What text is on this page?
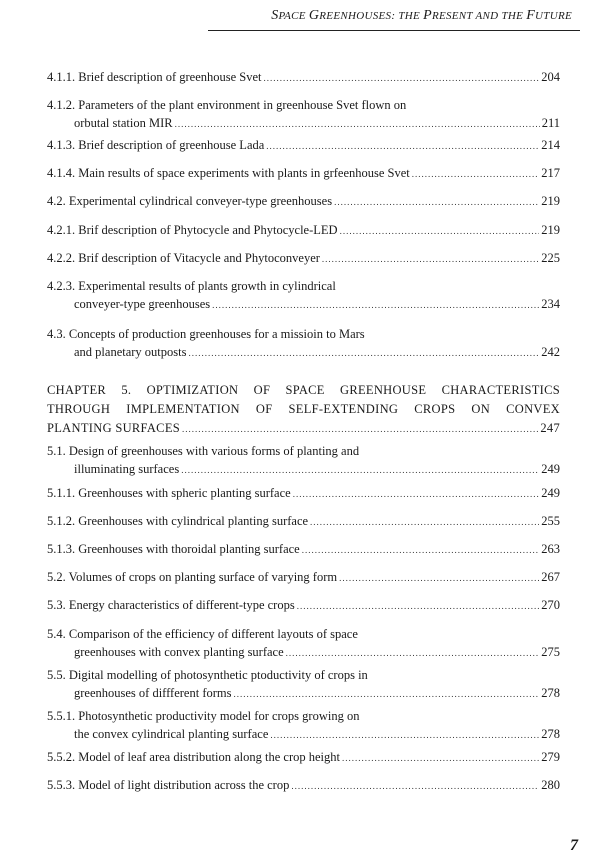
SPACE GREENHOUSES: THE PRESENT AND THE FUTURE
4.1.1. Brief description of greenhouse Svet .....	204
4.1.2. Parameters of the plant environment in greenhouse Svet flown on
orbutal station MIR .....	211
4.1.3. Brief description of greenhouse Lada .....	214
4.1.4. Main results of space experiments with plants in grfeenhouse Svet .....	217
4.2. Experimental cylindrical conveyer-type greenhouses .....	219
4.2.1. Brif description of Phytocycle and Phytocycle-LED .....	219
4.2.2. Brif description of Vitacycle and Phytoconveyer .....	225
4.2.3. Experimental results of plants growth in cylindrical
conveyer-type greenhouses .....	234
4.3. Concepts of production greenhouses for a missioin to Mars
and planetary outposts .....	242
CHAPTER 5. OPTIMIZATION OF SPACE GREENHOUSE CHARACTERISTICS
THROUGH IMPLEMENTATION OF SELF-EXTENDING CROPS ON CONVEX
PLANTING SURFACES .....	247
5.1. Design of greenhouses with various forms of planting and
illuminating surfaces .....	249
5.1.1. Greenhouses with spheric planting surface .....	249
5.1.2. Greenhouses with cylindrical planting surface .....	255
5.1.3. Greenhouses with thoroidal planting surface .....	263
5.2. Volumes of crops on planting surface of varying form .....	267
5.3. Energy characteristics of different-type crops .....	270
5.4. Comparison of the efficiency of different layouts of space
greenhouses with convex planting surface .....	275
5.5. Digital modelling of photosynthetic ptoductivity of crops in
greenhouses of diffferent forms .....	278
5.5.1. Photosynthetic productivity model for crops growing on
the convex cylindrical planting surface .....	278
5.5.2. Model of leaf area distribution along the crop height .....	279
5.5.3. Model of light distribution across the crop .....	280
7
